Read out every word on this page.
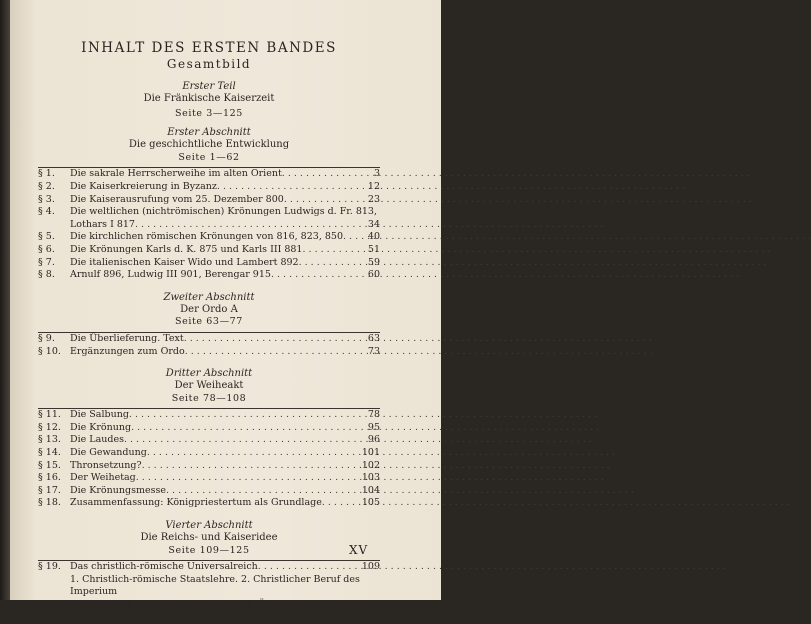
INHALT DES ERSTEN BANDES
Gesamtbild
Erster Teil
Die Fränkische Kaiserzeit
Seite 3—125
Erster Abschnitt
Die geschichtliche Entwicklung
Seite 1—62
§ 1.	Die sakrale Herrscherweihe im alten Orient . . .	3
§ 2.	Die Kaiserkreierung in Byzanz . . .	12
§ 3.	Die Kaiserausrufung vom 25. Dezember 800 . . .	23
§ 4.	Die weltlichen (nichtrömischen) Krönungen Ludwigs d. Fr. 813,
Lothars I 817 . . .	34
§ 5.	Die kirchlichen römischen Krönungen von 816, 823, 850 . . .	40
§ 6.	Die Krönungen Karls d. K. 875 und Karls III 881 . . .	51
§ 7.	Die italienischen Kaiser Wido und Lambert 892 . . .	59
§ 8.	Arnulf 896, Ludwig III 901, Berengar 915 . . .	60
Zweiter Abschnitt
Der Ordo A
Seite 63—77
§ 9.	Die Überlieferung. Text . . .	63
§ 10. Ergänzungen zum Ordo . . .	73
Dritter Abschnitt
Der Weiheakt
Seite 78—108
§ 11. Die Salbung . . .	78
§ 12. Die Krönung . . .	95
§ 13. Die Laudes . . .	96
§ 14. Die Gewandung . . .	101
§ 15. Thronsetzung? . . .	102
§ 16. Der Weihetag . . .	103
§ 17. Die Krönungsmesse . . .	104
§ 18. Zusammenfassung: Königpriestertum als Grundlage . . .	105
Vierter Abschnitt
Die Reichs- und Kaiseridee
Seite 109—125
§ 19. Das christlich-römische Universalreich . . .	109
1. Christlich-römische Staatslehre. 2. Christlicher Beruf des Imperium
Romanum. 3. Regnum — Imperium. 4. Östliches und Westliches Im-
XV
